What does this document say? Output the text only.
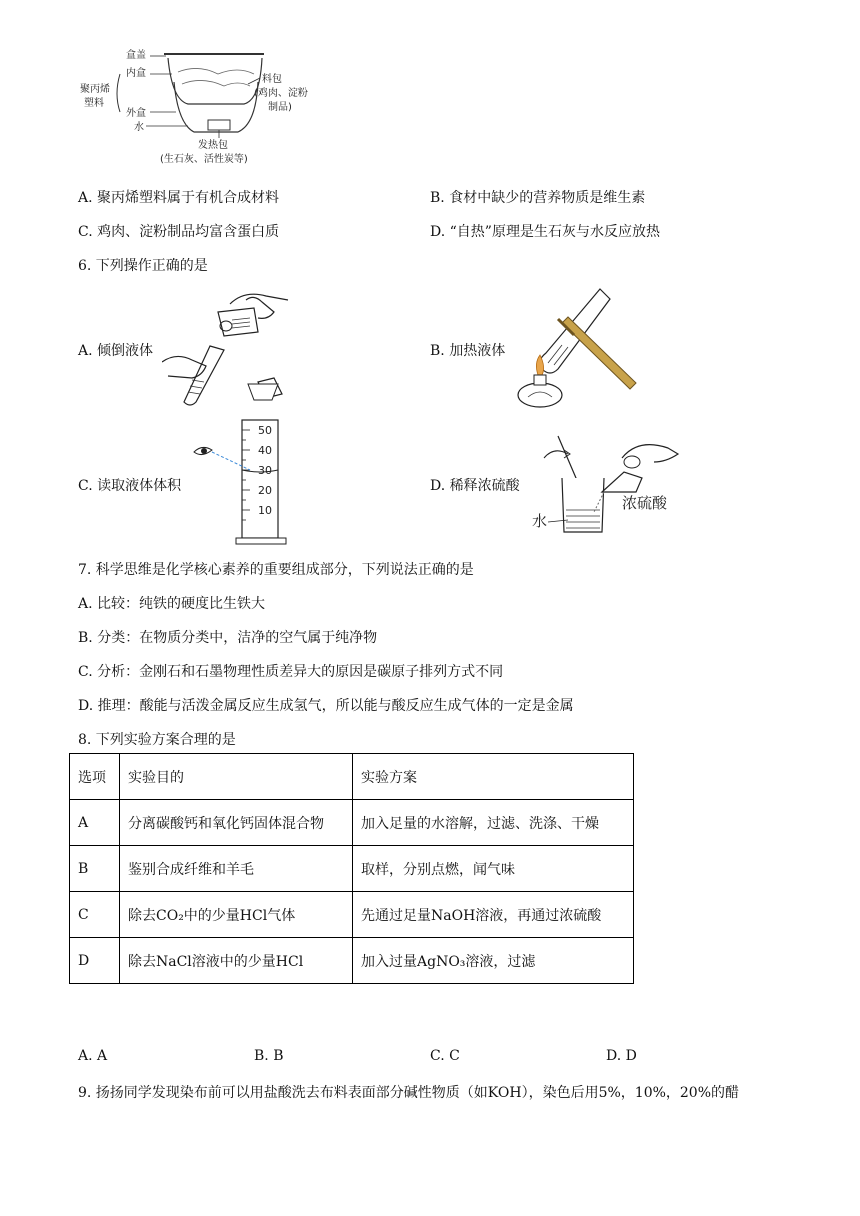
聚丙烯
塑料
盒盖
内盒
外盒
水
料包
(鸡肉、淀粉
制品)
发热包
(生石灰、活性炭等)
A. 聚丙烯塑料属于有机合成材料	B. 食材中缺少的营养物质是维生素
C. 鸡肉、淀粉制品均富含蛋白质	D. “自热”原理是生石灰与水反应放热
6. 下列操作正确的是
A. 倾倒液体	B. 加热液体
C. 读取液体体积	D. 稀释浓硫酸
50
40
30
20
10	浓硫酸
水
7. 科学思维是化学核心素养的重要组成部分，下列说法正确的是
A. 比较：纯铁的硬度比生铁大
B. 分类：在物质分类中，洁净的空气属于纯净物
C. 分析：金刚石和石墨物理性质差异大的原因是碳原子排列方式不同
D. 推理：酸能与活泼金属反应生成氢气，所以能与酸反应生成气体的一定是金属
8. 下列实验方案合理的是
选项	实验目的	实验方案
A	分离碳酸钙和氧化钙固体混合物	加入足量的水溶解，过滤、洗涤、干燥
B	鉴别合成纤维和羊毛	取样，分别点燃，闻气味
C	除去CO₂中的少量HCl气体	先通过足量NaOH溶液，再通过浓硫酸
D	除去NaCl溶液中的少量HCl	加入过量AgNO₃溶液，过滤
A. A	B. B	C. C	D. D
9. 扬扬同学发现染布前可以用盐酸洗去布料表面部分碱性物质（如KOH），染色后用5%，10%，20%的醋
